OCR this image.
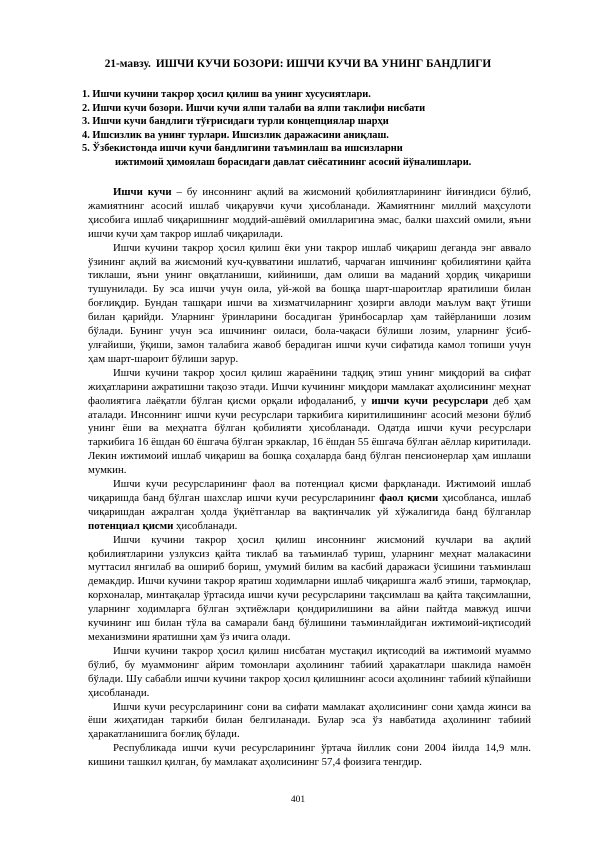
21-мавзу. ИШЧИ КУЧИ БОЗОРИ: ИШЧИ КУЧИ ВА УНИНГ БАНДЛИГИ
1. Ишчи кучини такрор ҳосил қилиш ва унинг хусусиятлари.
2. Ишчи кучи бозори. Ишчи кучи ялпи талаби ва ялпи таклифи нисбати
3. Ишчи кучи бандлиги тўғрисидаги турли концепциялар шарҳи
4. Ишсизлик ва унинг турлари. Ишсизлик даражасини аниқлаш.
5. Ўзбекистонда ишчи кучи бандлигини таъминлаш ва ишсизларни
ижтимоий ҳимоялаш борасидаги давлат сиёсатининг асосий йўналишлари.

Ишчи кучи – бу инсоннинг ақлий ва жисмоний қобилиятларининг йиғиндиси бўлиб, жамиятнинг асосий ишлаб чиқарувчи кучи ҳисобланади. Жамиятнинг миллий маҳсулоти ҳисобига ишлаб чиқаришнинг моддий-ашёвий омилларигина эмас, балки шахсий омили, яъни ишчи кучи ҳам такрор ишлаб чиқарилади.

Ишчи кучини такрор ҳосил қилиш ёки уни такрор ишлаб чиқариш деганда энг аввало ўзининг ақлий ва жисмоний куч-қувватини ишлатиб, чарчаган ишчининг қобилиятини қайта тиклаши, яъни унинг овқатланиши, кийиниши, дам олиши ва маданий ҳордиқ чиқариши тушунилади. Бу эса ишчи учун оила, уй-жой ва бошқа шарт-шароитлар яратилиши билан боғлиқдир. Бундан ташқари ишчи ва хизматчиларнинг ҳозирги авлоди маълум вақт ўтиши билан қарийди. Уларнинг ўринларини босадиган ўринбосарлар ҳам тайёрланиши лозим бўлади. Бунинг учун эса ишчининг оиласи, бола-чақаси бўлиши лозим, уларнинг ўсиб-улғайиши, ўқиши, замон талабига жавоб берадиган ишчи кучи сифатида камол топиши учун ҳам шарт-шароит бўлиши зарур.

Ишчи кучини такрор ҳосил қилиш жараёнини тадқиқ этиш унинг миқдорий ва сифат жиҳатларини ажратишни тақозо этади. Ишчи кучининг миқдори мамлакат аҳолисининг меҳнат фаолиятига лаёқатли бўлган қисми орқали ифодаланиб, у ишчи кучи ресурслари деб ҳам аталади. Инсоннинг ишчи кучи ресурслари таркибига киритилишининг асосий мезони бўлиб унинг ёши ва меҳнатга бўлган қобилияти ҳисобланади. Одатда ишчи кучи ресурслари таркибига 16 ёшдан 60 ёшгача бўлган эркаклар, 16 ёшдан 55 ёшгача бўлган аёллар киритилади. Лекин ижтимоий ишлаб чиқариш ва бошқа соҳаларда банд бўлган пенсионерлар ҳам ишлаши мумкин.

Ишчи кучи ресурсларининг фаол ва потенциал қисми фарқланади. Ижтимоий ишлаб чиқаришда банд бўлган шахслар ишчи кучи ресурсларининг фаол қисми ҳисобланса, ишлаб чиқаришдан ажралган ҳолда ўқиётганлар ва вақтинчалик уй хўжалигида банд бўлганлар потенциал қисми ҳисобланади.

Ишчи кучини такрор ҳосил қилиш инсоннинг жисмоний кучлари ва ақлий қобилиятларини узлуксиз қайта тиклаб ва таъминлаб туриш, уларнинг меҳнат малакасини муттасил янгилаб ва ошириб бориш, умумий билим ва касбий даражаси ўсишини таъминлаш демакдир. Ишчи кучини такрор яратиш ходимларни ишлаб чиқаришга жалб этиши, тармоқлар, корхоналар, минтақалар ўртасида ишчи кучи ресурсларини тақсимлаш ва қайта тақсимлашни, уларнинг ходимларга бўлган эҳтиёжлари қондирилишини ва айни пайтда мавжуд ишчи кучининг иш билан тўла ва самарали банд бўлишини таъминлайдиган ижтимоий-иқтисодий механизмини яратишни ҳам ўз ичига олади.

Ишчи кучини такрор ҳосил қилиш нисбатан мустақил иқтисодий ва ижтимоий муаммо бўлиб, бу муаммонинг айрим томонлари аҳолининг табиий ҳаракатлари шаклида намоён бўлади. Шу сабабли ишчи кучини такрор ҳосил қилишнинг асоси аҳолининг табиий кўпайиши ҳисобланади.

Ишчи кучи ресурсларининг сони ва сифати мамлакат аҳолисининг сони ҳамда жинси ва ёши жиҳатидан таркиби билан белгиланади. Булар эса ўз навбатида аҳолининг табиий ҳаракатланишига боғлиқ бўлади.

Республикада ишчи кучи ресурсларининг ўртача йиллик сони 2004 йилда 14,9 млн. кишини ташкил қилган, бу мамлакат аҳолисининг 57,4 фоизига тенгдир.

401
